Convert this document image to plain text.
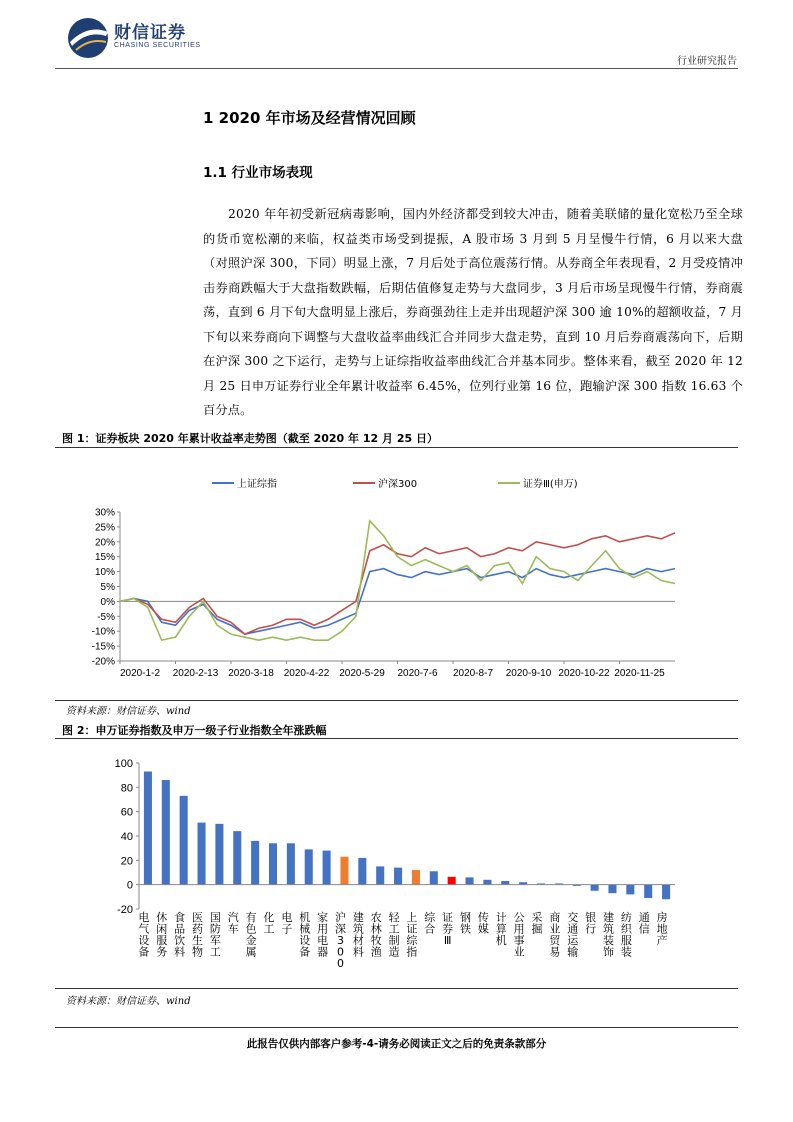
财信证券
CHASING SECURITIES
行业研究报告
1 2020 年市场及经营情况回顾
1.1 行业市场表现
2020 年年初受新冠病毒影响，国内外经济都受到较大冲击，随着美联储的量化宽松乃至全球的货币宽松潮的来临，权益类市场受到提振，A 股市场 3 月到 5 月呈慢牛行情，6 月以来大盘（对照沪深 300，下同）明显上涨，7 月后处于高位震荡行情。从券商全年表现看，2 月受疫情冲击券商跌幅大于大盘指数跌幅，后期估值修复走势与大盘同步，3 月后市场呈现慢牛行情，券商震荡，直到 6 月下旬大盘明显上涨后，券商强劲往上走并出现超沪深 300 逾 10%的超额收益，7 月下旬以来券商向下调整与大盘收益率曲线汇合并同步大盘走势，直到 10 月后券商震荡向下，后期在沪深 300 之下运行，走势与上证综指收益率曲线汇合并基本同步。整体来看，截至 2020 年 12 月 25 日申万证券行业全年累计收益率 6.45%，位列行业第 16 位，跑输沪深 300 指数 16.63 个百分点。
图 1：证券板块 2020 年累计收益率走势图（截至 2020 年 12 月 25 日）
上证综指	沪深300	证券Ⅲ(申万)
30%
25%
20%
15%
10%
5%
0%
-5%
-10%
-15%
-20%
2020-1-2 2020-2-13 2020-3-18 2020-4-22 2020-5-29 2020-7-6 2020-8-7 2020-9-10 2020-10-22 2020-11-25
资料来源：财信证券、wind
图 2：申万证券指数及申万一级子行业指数全年涨跌幅
100
80
60
40
20
0
-20
电
气
设
备
休
闲
服
务
食
品
饮
料
医
药
生
物
国
防
军
工
汽
车
有
色
金
属
化
工
电
子
机
械
设
备
家
用
电
器
沪
深
3
0
0
建
筑
材
料
农
林
牧
渔
轻
工
制
造
上
证
综
指
综
合
证
券
Ⅲ
钢
铁
传
媒
计
算
机
公
用
事
业
采
掘
商
业
贸
易
交
通
运
输
银
行
建
筑
装
饰
纺
织
服
装
通
信
房
地
产
资料来源：财信证券、wind
此报告仅供内部客户参考-4-请务必阅读正文之后的免责条款部分
